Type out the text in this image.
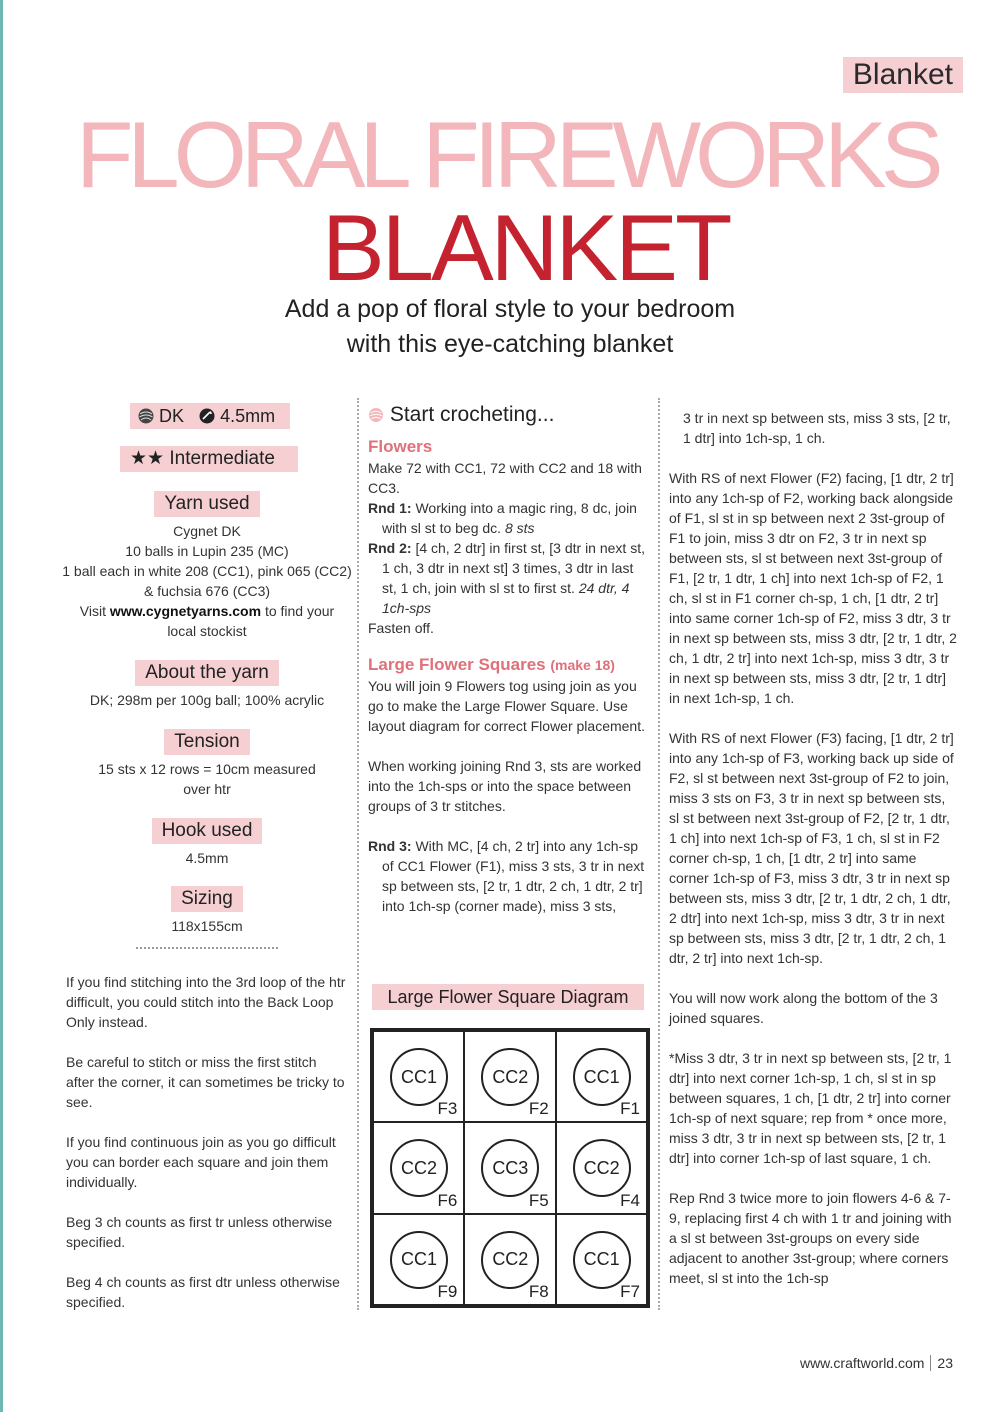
Blanket
FLORAL FIREWORKS
BLANKET
Add a pop of floral style to your bedroom
with this eye-catching blanket
DK 4.5mm
★★ Intermediate
Yarn used
Cygnet DK
10 balls in Lupin 235 (MC)
1 ball each in white 208 (CC1), pink 065 (CC2)
& fuchsia 676 (CC3)
Visit www.cygnetyarns.com to find your
local stockist
About the yarn
DK; 298m per 100g ball; 100% acrylic
Tension
15 sts x 12 rows = 10cm measured
over htr
Hook used
4.5mm
Sizing
118x155cm

If you find stitching into the 3rd loop of the htr difficult, you could stitch into the Back Loop Only instead.

Be careful to stitch or miss the first stitch after the corner, it can sometimes be tricky to see.

If you find continuous join as you go difficult you can border each square and join them individually.

Beg 3 ch counts as first tr unless otherwise specified.

Beg 4 ch counts as first dtr unless otherwise specified.

Start crocheting...
Flowers
Make 72 with CC1, 72 with CC2 and 18 with CC3.
Rnd 1: Working into a magic ring, 8 dc, join with sl st to beg dc. 8 sts
Rnd 2: [4 ch, 2 dtr] in first st, [3 dtr in next st, 1 ch, 3 dtr in next st] 3 times, 3 dtr in last st, 1 ch, join with sl st to first st. 24 dtr, 4 1ch-sps
Fasten off.
Large Flower Squares (make 18)
You will join 9 Flowers tog using join as you go to make the Large Flower Square. Use layout diagram for correct Flower placement.
When working joining Rnd 3, sts are worked into the 1ch-sps or into the space between groups of 3 tr stitches.
Rnd 3: With MC, [4 ch, 2 tr] into any 1ch-sp of CC1 Flower (F1), miss 3 sts, 3 tr in next sp between sts, [2 tr, 1 dtr, 2 ch, 1 dtr, 2 tr] into 1ch-sp (corner made), miss 3 sts,
Large Flower Square Diagram
CC1
F3
CC2
F2
CC1
F1
CC2
F6
CC3
F5
CC2
F4
CC1
F9
CC2
F8
CC1
F7
3 tr in next sp between sts, miss 3 sts, [2 tr, 1 dtr] into 1ch-sp, 1 ch.
With RS of next Flower (F2) facing, [1 dtr, 2 tr] into any 1ch-sp of F2, working back alongside of F1, sl st in sp between next 2 3st-group of F1 to join, miss 3 dtr on F2, 3 tr in next sp between sts, sl st between next 3st-group of F1, [2 tr, 1 dtr, 1 ch] into next 1ch-sp of F2, 1 ch, sl st in F1 corner ch-sp, 1 ch, [1 dtr, 2 tr] into same corner 1ch-sp of F2, miss 3 dtr, 3 tr in next sp between sts, miss 3 dtr, [2 tr, 1 dtr, 2 ch, 1 dtr, 2 tr] into next 1ch-sp, miss 3 dtr, 3 tr in next sp between sts, miss 3 dtr, [2 tr, 1 dtr] in next 1ch-sp, 1 ch.
With RS of next Flower (F3) facing, [1 dtr, 2 tr] into any 1ch-sp of F3, working back up side of F2, sl st between next 3st-group of F2 to join, miss 3 sts on F3, 3 tr in next sp between sts, sl st between next 3st-group of F2, [2 tr, 1 dtr, 1 ch] into next 1ch-sp of F3, 1 ch, sl st in F2 corner ch-sp, 1 ch, [1 dtr, 2 tr] into same corner 1ch-sp of F3, miss 3 dtr, 3 tr in next sp between sts, miss 3 dtr, [2 tr, 1 dtr, 2 ch, 1 dtr, 2 dtr] into next 1ch-sp, miss 3 dtr, 3 tr in next sp between sts, miss 3 dtr, [2 tr, 1 dtr, 2 ch, 1 dtr, 2 tr] into next 1ch-sp.
You will now work along the bottom of the 3 joined squares.
*Miss 3 dtr, 3 tr in next sp between sts, [2 tr, 1 dtr] into next corner 1ch-sp, 1 ch, sl st in sp between squares, 1 ch, [1 dtr, 2 tr] into corner 1ch-sp of next square; rep from * once more, miss 3 dtr, 3 tr in next sp between sts, [2 tr, 1 dtr] into corner 1ch-sp of last square, 1 ch.
Rep Rnd 3 twice more to join flowers 4-6 & 7-9, replacing first 4 ch with 1 tr and joining with a sl st between 3st-groups on every side adjacent to another 3st-group; where corners meet, sl st into the 1ch-sp
www.craftworld.com 23
